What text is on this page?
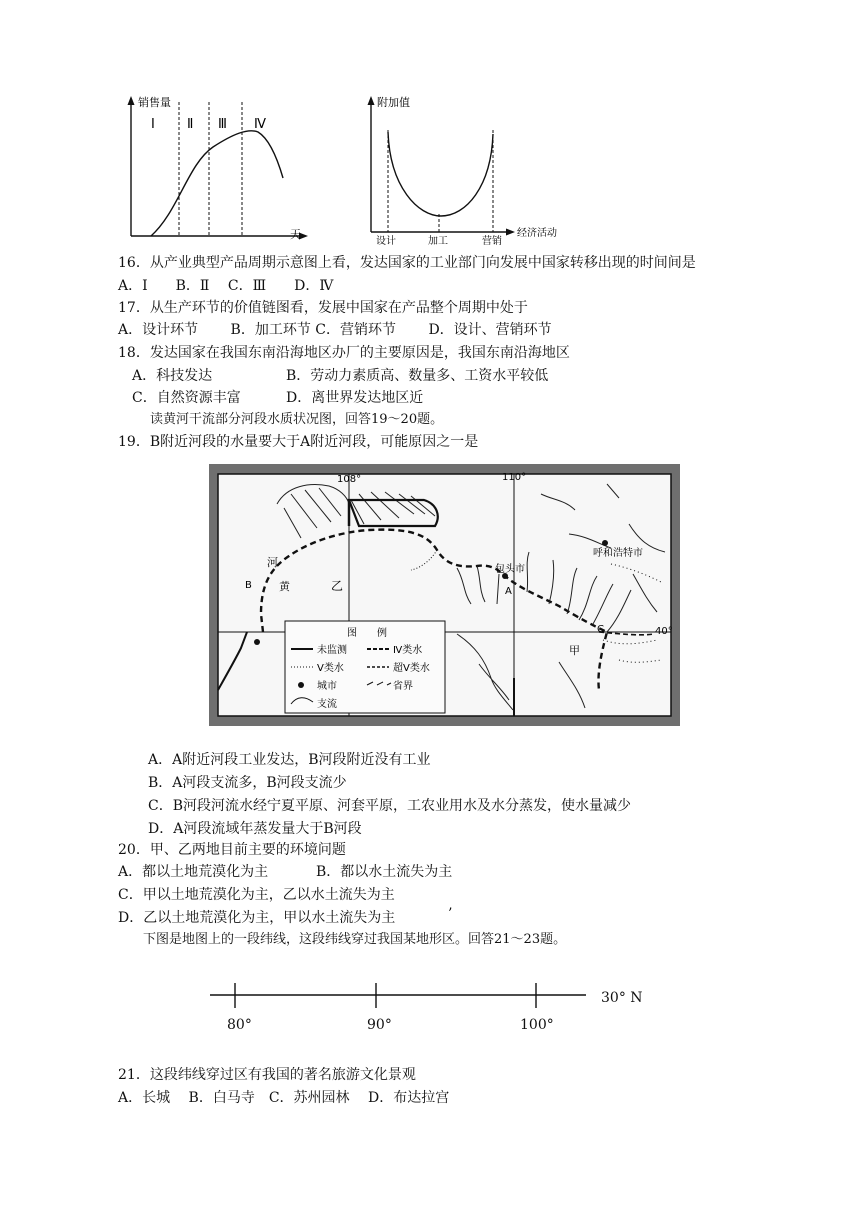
销售量
天
Ⅰ Ⅱ Ⅲ Ⅳ
附加值
经济活动
设计	加工	营销
16．从产业典型产品周期示意图上看，发达国家的工业部门向发展中国家转移出现的时间间是
A．Ⅰ　　B．Ⅱ　 C．Ⅲ　　D．Ⅳ
17．从生产环节的价值链图看，发展中国家在产品整个周期中处于
A．设计环节　　 B．加工环节 C．营销环节　　 D．设计、营销环节
18．发达国家在我国东南沿海地区办厂的主要原因是，我国东南沿海地区
A．科技发达	B．劳动力素质高、数量多、工资水平较低
C．自然资源丰富	D．离世界发达地区近
读黄河干流部分河段水质状况图，回答19～20题。
19．B附近河段的水量要大于A附近河段，可能原因之一是
108°	110°
40°
呼和浩特市
包头市
河
黄	乙
甲
A
B
C
图　　例
未监测	Ⅳ类水
Ⅴ类水	超Ⅴ类水
城市	省界
支流
A．A附近河段工业发达，B河段附近没有工业
B．A河段支流多，B河段支流少
C．B河段河流水经宁夏平原、河套平原，工农业用水及水分蒸发，使水量减少
D．A河段流域年蒸发量大于B河段
20．甲、乙两地目前主要的环境问题
A．都以土地荒漠化为主	B．都以水土流失为主
C．甲以土地荒漠化为主，乙以水土流失为主
D．乙以土地荒漠化为主，甲以水土流失为主	’
下图是地图上的一段纬线，这段纬线穿过我国某地形区。回答21～23题。
30° N
80°	90°	100°
21．这段纬线穿过区有我国的著名旅游文化景观
A．长城　 B．白马寺　C．苏州园林　 D．布达拉宫
